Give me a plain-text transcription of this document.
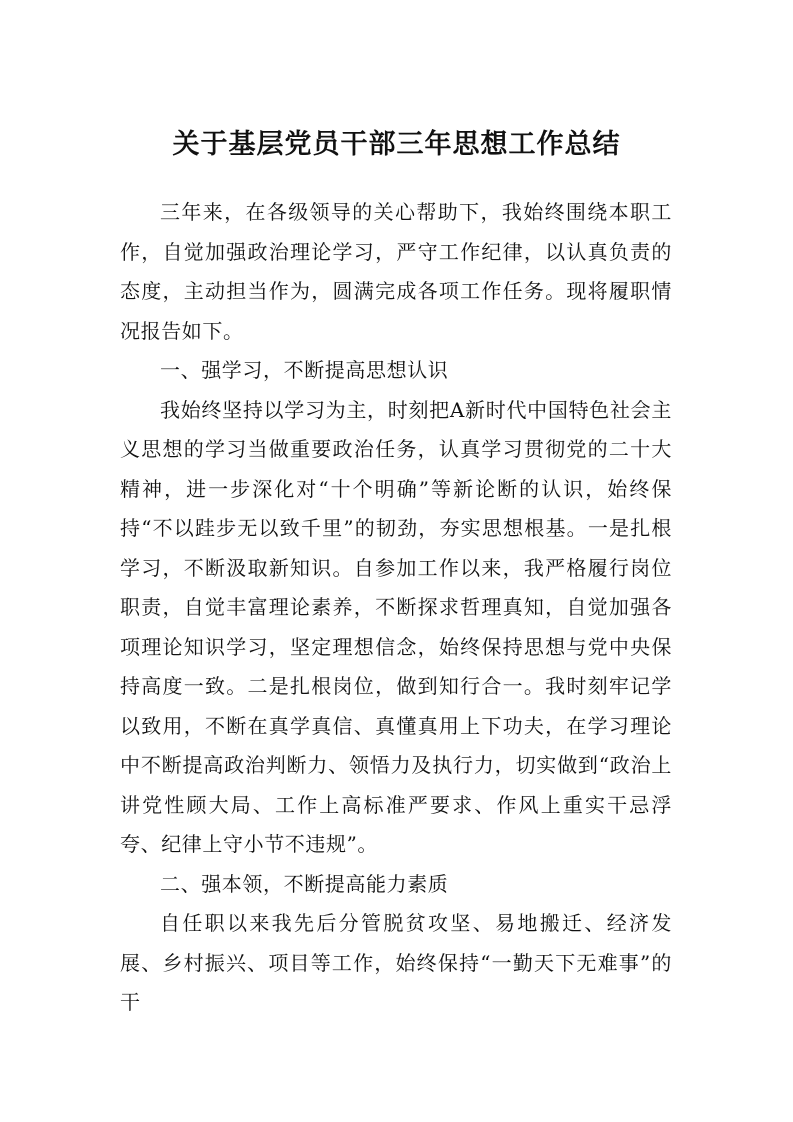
关于基层党员干部三年思想工作总结

三年来，在各级领导的关心帮助下，我始终围绕本职工作，自觉加强政治理论学习，严守工作纪律，以认真负责的态度，主动担当作为，圆满完成各项工作任务。现将履职情况报告如下。

一、强学习，不断提高思想认识

我始终坚持以学习为主，时刻把A新时代中国特色社会主义思想的学习当做重要政治任务，认真学习贯彻党的二十大精神，进一步深化对“十个明确”等新论断的认识，始终保持“不以跬步无以致千里”的韧劲，夯实思想根基。一是扎根学习，不断汲取新知识。自参加工作以来，我严格履行岗位职责，自觉丰富理论素养，不断探求哲理真知，自觉加强各项理论知识学习，坚定理想信念，始终保持思想与党中央保持高度一致。二是扎根岗位，做到知行合一。我时刻牢记学以致用，不断在真学真信、真懂真用上下功夫，在学习理论中不断提高政治判断力、领悟力及执行力，切实做到“政治上讲党性顾大局、工作上高标准严要求、作风上重实干忌浮夸、纪律上守小节不违规”。

二、强本领，不断提高能力素质

自任职以来我先后分管脱贫攻坚、易地搬迁、经济发展、乡村振兴、项目等工作，始终保持“一勤天下无难事”的干
